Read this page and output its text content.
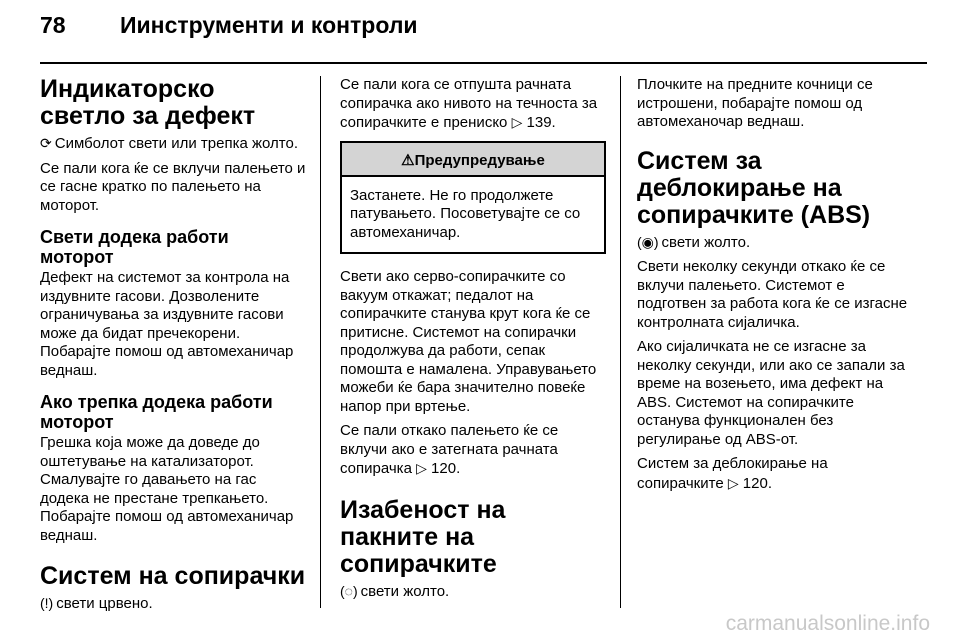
78	Иинструменти и контроли
Индикаторско светло за дефект

⟳ Симболот свети или трепка жолто.

Се пали кога ќе се вклучи палењето и се гасне кратко по палењето на моторот.

Свети додека работи моторот

Дефект на системот за контрола на издувните гасови. Дозволените ограничувања за издувните гасови може да бидат пречекорени. Побарајте помош од автомеханичар веднаш.

Ако трепка додека работи моторот

Грешка која може да доведе до оштетување на катализаторот. Смалувајте го давањето на гас додека не престане трепкањето. Побарајте помош од автомеханичар веднаш.

Систем на сопирачки

(!) свети црвено.

Се пали кога се отпушта рачната сопирачка ако нивото на течноста за сопирачките е прениско ▷ 139.

⚠Предупредување
Застанете. Не го продолжете патувањето. Посоветувајте се со автомеханичар.

Свети ако серво-сопирачките со вакуум откажат; педалот на сопирачките станува крут кога ќе се притисне. Системот на сопирачки продолжува да работи, сепак помошта е намалена. Управувањето можеби ќе бара значително повеќе напор при вртење.

Се пали откако палењето ќе се вклучи ако е затегната рачната сопирачка ▷ 120.

Изабеност на пакните на сопирачките

(◌) свети жолто.

Плочките на предните кочници се истрошени, побарајте помош од автомеханочар веднаш.

Систем за деблокирање на сопирачките (ABS)

(◉) свети жолто.

Свети неколку секунди откако ќе се вклучи палењето. Системот е подготвен за работа кога ќе се изгасне контролната сијаличка.

Ако сијаличката не се изгасне за неколку секунди, или ако се запали за време на возењето, има дефект на ABS. Системот на сопирачките останува функционален без регулирање од ABS-от.

Систем за деблокирање на сопирачките ▷ 120.

carmanualsonline.info
